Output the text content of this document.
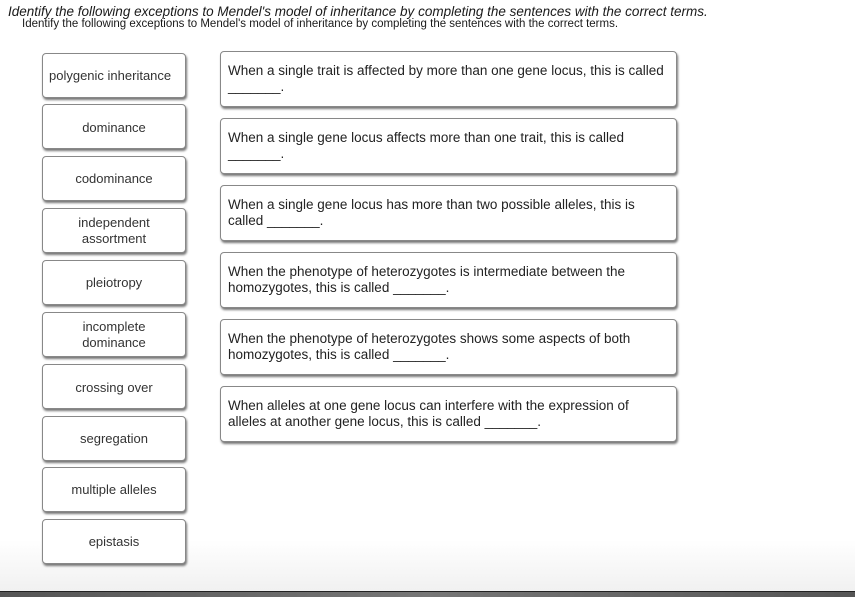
Identify the following exceptions to Mendel's model of inheritance by completing the sentences with the correct terms.
Identify the following exceptions to Mendel's model of inheritance by completing the sentences with the correct terms.
polygenic inheritance
dominance
codominance
independent assortment
pleiotropy
incomplete dominance
crossing over
segregation
multiple alleles
epistasis
When a single trait is affected by more than one gene locus, this is called _______.
When a single gene locus affects more than one trait, this is called _______.
When a single gene locus has more than two possible alleles, this is called _______.
When the phenotype of heterozygotes is intermediate between the homozygotes, this is called _______.
When the phenotype of heterozygotes shows some aspects of both homozygotes, this is called _______.
When alleles at one gene locus can interfere with the expression of alleles at another gene locus, this is called _______.
